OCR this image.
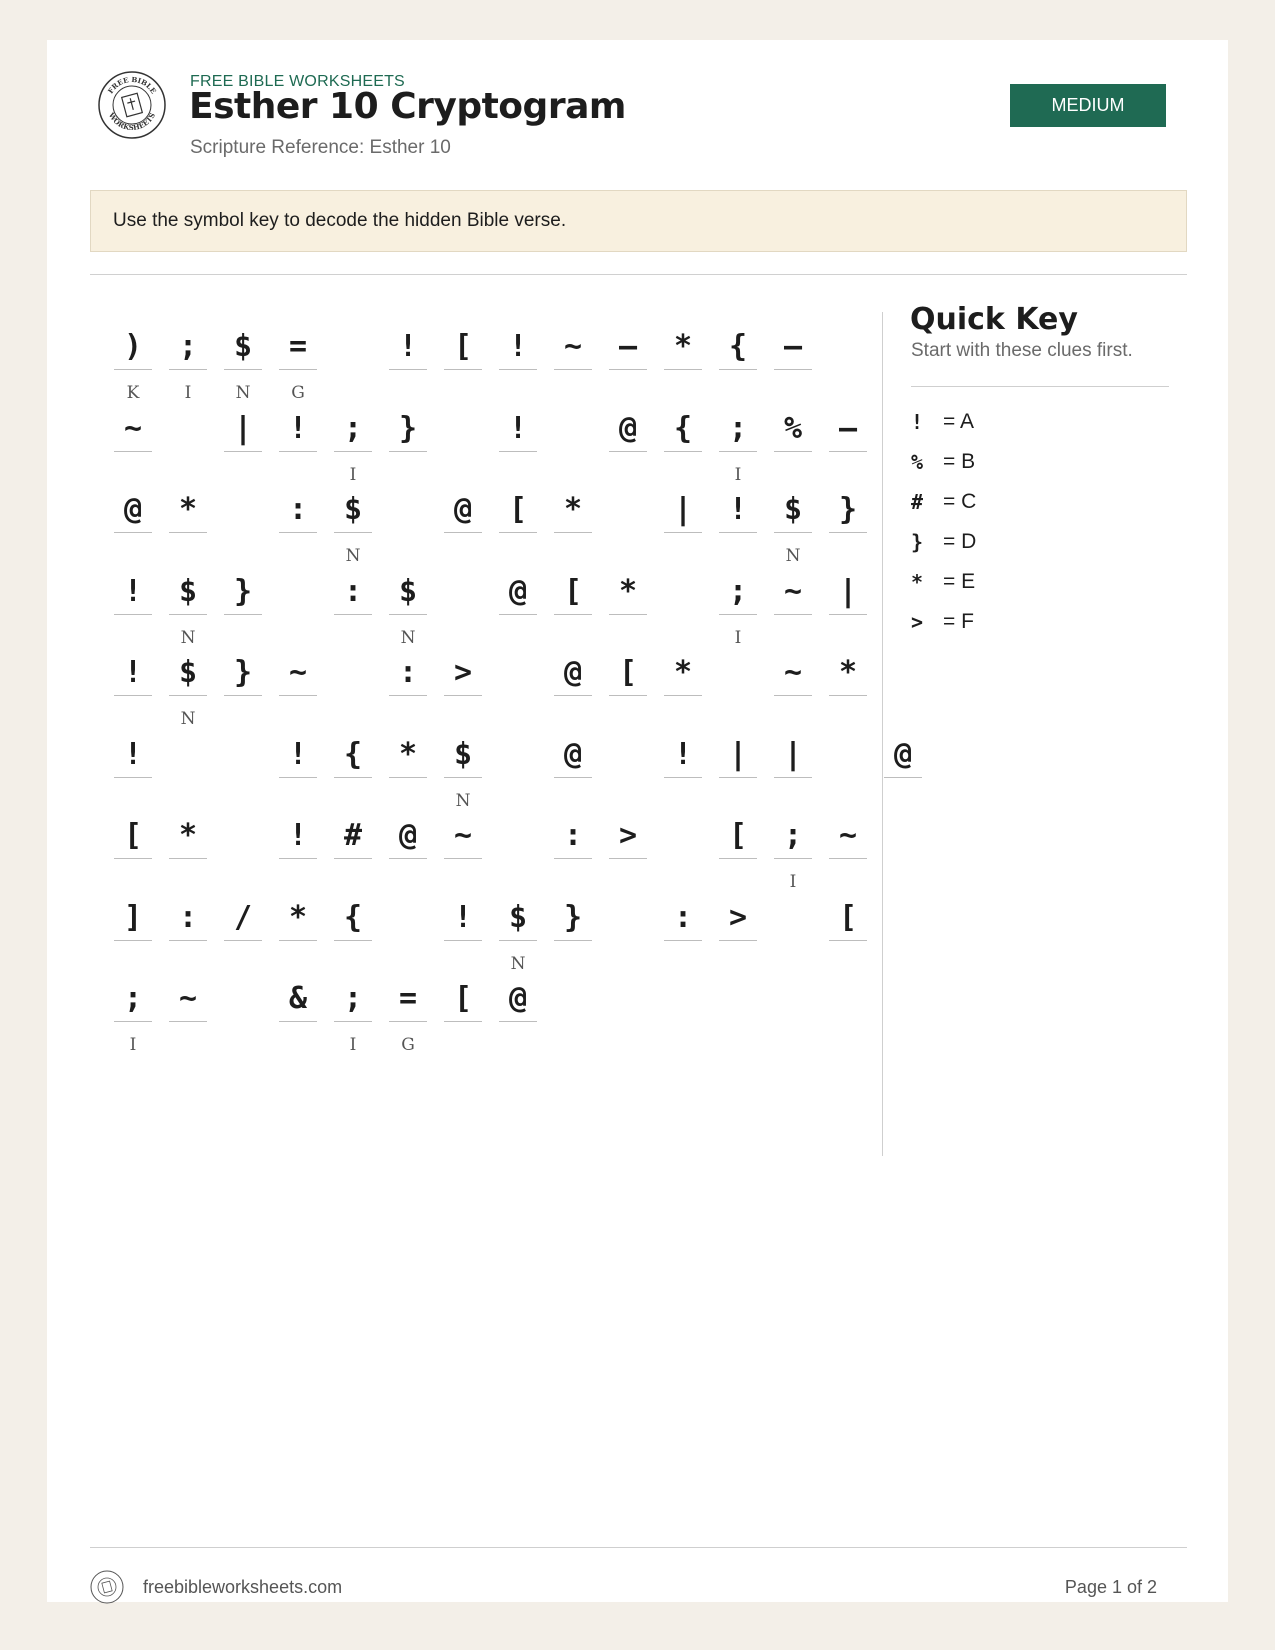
FREE BIBLE
WORKSHEETS
FREE BIBLE WORKSHEETS
Esther 10 Cryptogram
Scripture Reference: Esther 10
MEDIUM
Use the symbol key to decode the hidden Bible verse.
)
K
;
I
$
N
=
G
!	[	!	~	–	*	{	–
~	|	!	;
I
}	!	@	{	;
I
%	–
@	*	:	$
N
@	[	*	|	!	$
N
}
!	$
N
}	:	$
N
@	[	*	;
I
~	|
!	$
N
}	~	:	>	@	[	*	~	*
!	!	{	*	$
N
@	!	|	|	@
[	*	!	#	@	~	:	>	[	;
I
~
]	:	/	*	{	!	$
N
}	:	>	[
;
I
~	&	;
I
=
G
[	@
Quick Key
Start with these clues first.
! = A
% = B
# = C
} = D
* = E
> = F
freebibleworksheets.com	Page 1 of 2
